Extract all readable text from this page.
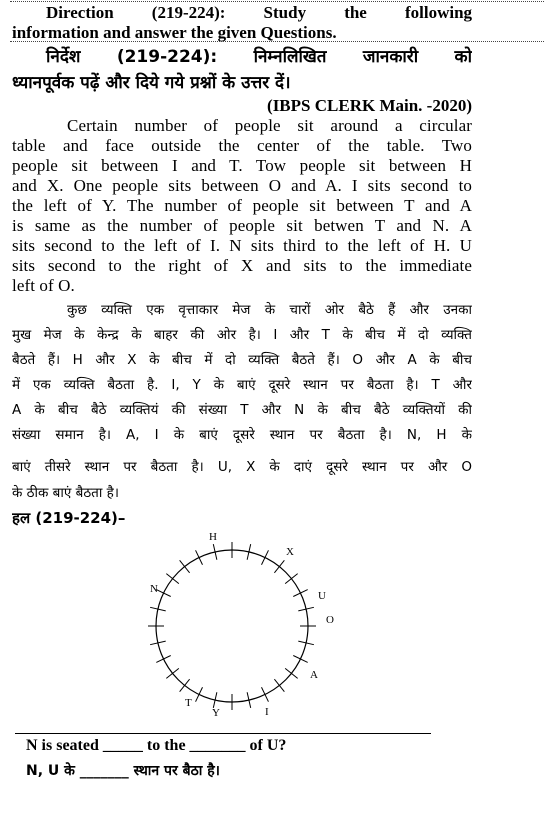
Direction (219-224): Study the following
information and answer the given Questions.
निर्देश (219-224): निम्नलिखित जानकारी को
ध्यानपूर्वक पढ़ें और दिये गये प्रश्नों के उत्तर दें।
(IBPS CLERK Main. -2020)
Certain number of people sit around a circular
table and face outside the center of the table. Two
people sit between I and T. Tow people sit between H
and X. One people sits between O and A. I sits second to
the left of Y. The number of people sit between T and A
is same as the number of people sit betwen T and N. A
sits second to the left of I. N sits third to the left of H. U
sits second to the right of X and sits to the immediate
left of O.
कुछ व्यक्ति एक वृत्ताकार मेज के चारों ओर बैठे हैं और उनका
मुख मेज के केन्द्र के बाहर की ओर है। I और T के बीच में दो व्यक्ति
बैठते हैं। H और X के बीच में दो व्यक्ति बैठते हैं। O और A के बीच
में एक व्यक्ति बैठता है. I, Y के बाएं दूसरे स्थान पर बैठता है। T और
A के बीच बैठे व्यक्तियं की संख्या T और N के बीच बैठे व्यक्तियों की
संख्या समान है। A, I के बाएं दूसरे स्थान पर बैठता है। N, H के
बाएं तीसरे स्थान पर बैठता है। U, X के दाएं दूसरे स्थान पर और O
के ठीक बाएं बैठता है।
हल (219-224)–
H
X
N
U
O
A
T
Y	I
N is seated _____ to the _______ of U?
N, U के _______ स्थान पर बैठा है।
